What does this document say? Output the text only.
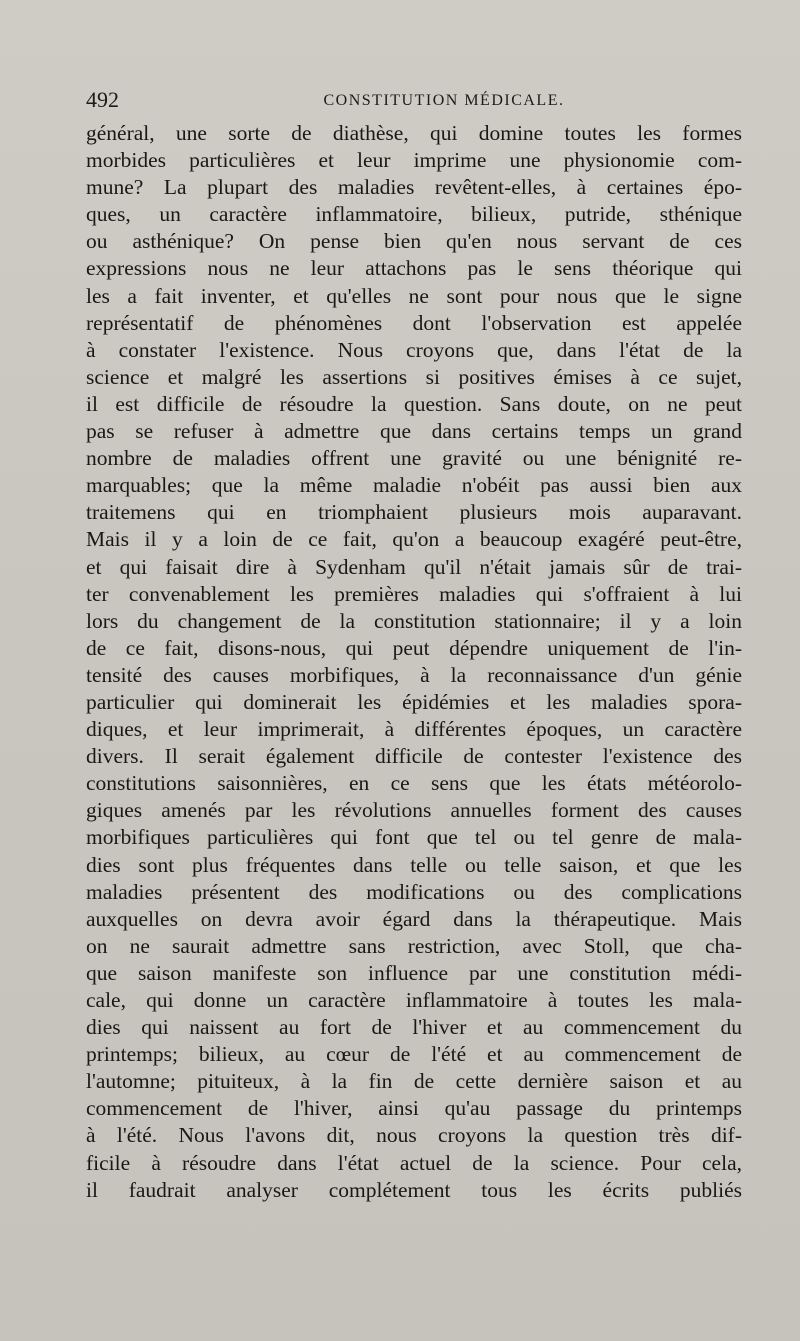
492	CONSTITUTION MÉDICALE.
général, une sorte de diathèse, qui domine toutes les formes
morbides particulières et leur imprime une physionomie com-
mune? La plupart des maladies revêtent-elles, à certaines épo-
ques, un caractère inflammatoire, bilieux, putride, sthénique
ou asthénique? On pense bien qu'en nous servant de ces
expressions nous ne leur attachons pas le sens théorique qui
les a fait inventer, et qu'elles ne sont pour nous que le signe
représentatif de phénomènes dont l'observation est appelée
à constater l'existence. Nous croyons que, dans l'état de la
science et malgré les assertions si positives émises à ce sujet,
il est difficile de résoudre la question. Sans doute, on ne peut
pas se refuser à admettre que dans certains temps un grand
nombre de maladies offrent une gravité ou une bénignité re-
marquables; que la même maladie n'obéit pas aussi bien aux
traitemens qui en triomphaient plusieurs mois auparavant.
Mais il y a loin de ce fait, qu'on a beaucoup exagéré peut-être,
et qui faisait dire à Sydenham qu'il n'était jamais sûr de trai-
ter convenablement les premières maladies qui s'offraient à lui
lors du changement de la constitution stationnaire; il y a loin
de ce fait, disons-nous, qui peut dépendre uniquement de l'in-
tensité des causes morbifiques, à la reconnaissance d'un génie
particulier qui dominerait les épidémies et les maladies spora-
diques, et leur imprimerait, à différentes époques, un caractère
divers. Il serait également difficile de contester l'existence des
constitutions saisonnières, en ce sens que les états météorolo-
giques amenés par les révolutions annuelles forment des causes
morbifiques particulières qui font que tel ou tel genre de mala-
dies sont plus fréquentes dans telle ou telle saison, et que les
maladies présentent des modifications ou des complications
auxquelles on devra avoir égard dans la thérapeutique. Mais
on ne saurait admettre sans restriction, avec Stoll, que cha-
que saison manifeste son influence par une constitution médi-
cale, qui donne un caractère inflammatoire à toutes les mala-
dies qui naissent au fort de l'hiver et au commencement du
printemps; bilieux, au cœur de l'été et au commencement de
l'automne; pituiteux, à la fin de cette dernière saison et au
commencement de l'hiver, ainsi qu'au passage du printemps
à l'été. Nous l'avons dit, nous croyons la question très dif-
ficile à résoudre dans l'état actuel de la science. Pour cela,
il faudrait analyser complétement tous les écrits publiés
